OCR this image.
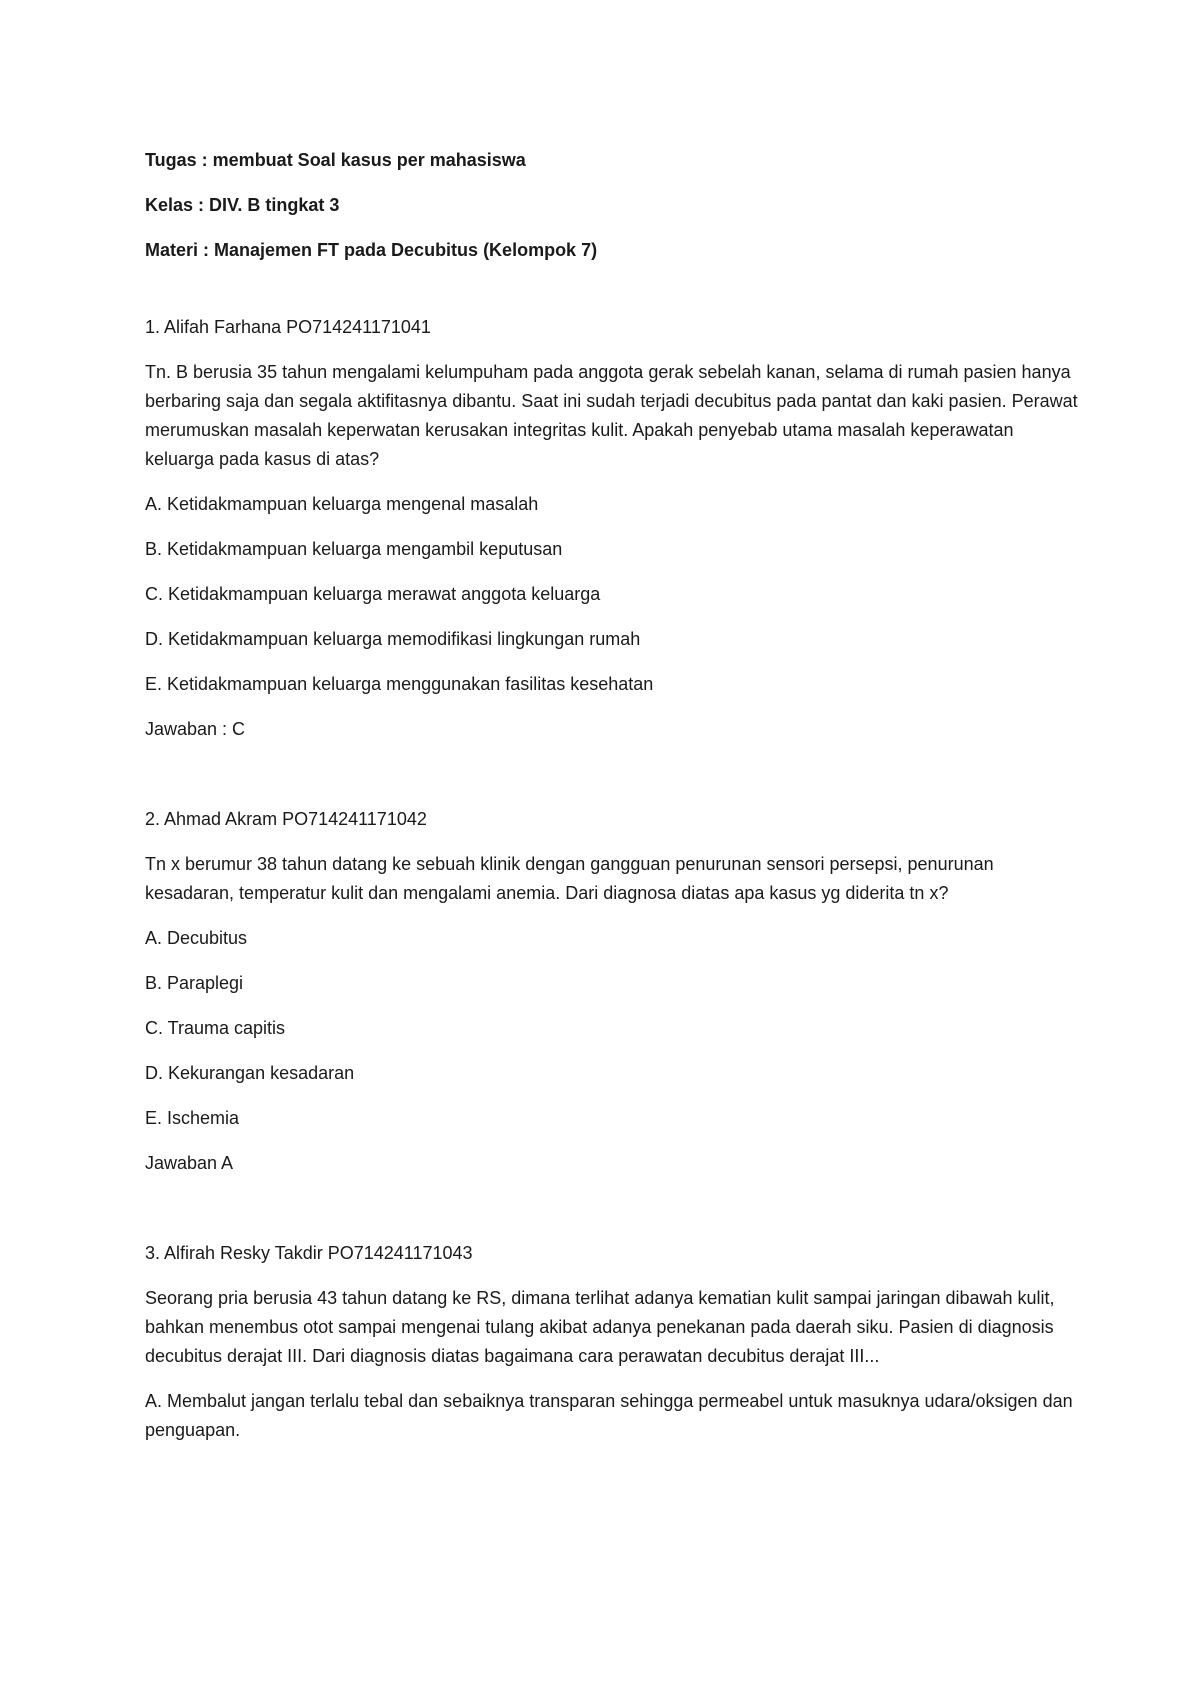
Tugas : membuat Soal kasus per mahasiswa

Kelas : DIV. B tingkat 3

Materi : Manajemen FT pada Decubitus (Kelompok 7)

1. Alifah Farhana PO714241171041

Tn. B berusia 35 tahun mengalami kelumpuham pada anggota gerak sebelah kanan, selama di rumah pasien hanya berbaring saja dan segala aktifitasnya dibantu. Saat ini sudah terjadi decubitus pada pantat dan kaki pasien. Perawat merumuskan masalah keperwatan kerusakan integritas kulit. Apakah penyebab utama masalah keperawatan keluarga pada kasus di atas?

A. Ketidakmampuan keluarga mengenal masalah

B. Ketidakmampuan keluarga mengambil keputusan

C. Ketidakmampuan keluarga merawat anggota keluarga

D. Ketidakmampuan keluarga memodifikasi lingkungan rumah

E. Ketidakmampuan keluarga menggunakan fasilitas kesehatan

Jawaban : C

2. Ahmad Akram PO714241171042

Tn x berumur 38 tahun datang ke sebuah klinik dengan gangguan penurunan sensori persepsi, penurunan kesadaran, temperatur kulit dan mengalami anemia. Dari diagnosa diatas apa kasus yg diderita tn x?

A. Decubitus

B. Paraplegi

C. Trauma capitis

D. Kekurangan kesadaran

E. Ischemia

Jawaban A

3. Alfirah Resky Takdir PO714241171043

Seorang pria berusia 43 tahun datang ke RS, dimana terlihat adanya kematian kulit sampai jaringan dibawah kulit, bahkan menembus otot sampai mengenai tulang akibat adanya penekanan pada daerah siku. Pasien di diagnosis decubitus derajat III. Dari diagnosis diatas bagaimana cara perawatan decubitus derajat III...

A. Membalut jangan terlalu tebal dan sebaiknya transparan sehingga permeabel untuk masuknya udara/oksigen dan penguapan.
